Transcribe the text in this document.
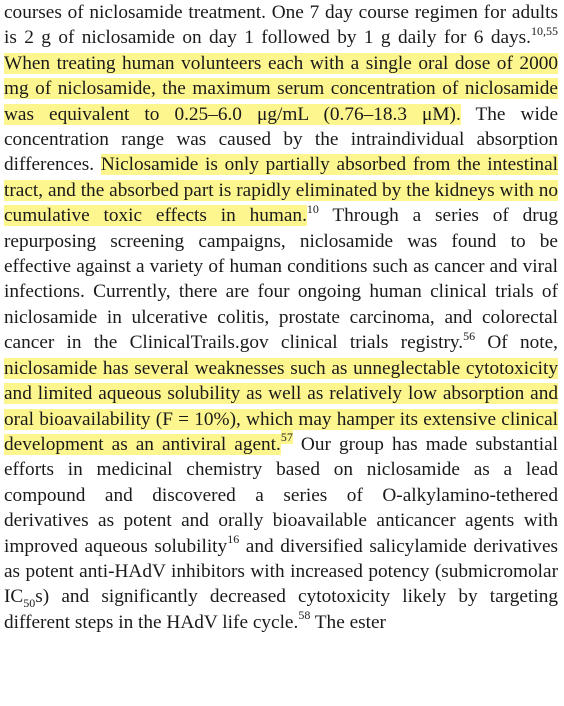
courses of niclosamide treatment. One 7 day course regimen for adults is 2 g of niclosamide on day 1 followed by 1 g daily for 6 days.$^{10,55}$ When treating human volunteers each with a single oral dose of 2000 mg of niclosamide, the maximum serum concentration of niclosamide was equivalent to 0.25–6.0 μg/mL (0.76–18.3 μM). The wide concentration range was caused by the intraindividual absorption differences. Niclosamide is only partially absorbed from the intestinal tract, and the absorbed part is rapidly eliminated by the kidneys with no cumulative toxic effects in human.$^{10}$ Through a series of drug repurposing screening campaigns, niclosamide was found to be effective against a variety of human conditions such as cancer and viral infections. Currently, there are four ongoing human clinical trials of niclosamide in ulcerative colitis, prostate carcinoma, and colorectal cancer in the ClinicalTrails.gov clinical trials registry.$^{56}$ Of note, niclosamide has several weaknesses such as unneglectable cytotoxicity and limited aqueous solubility as well as relatively low absorption and oral bioavailability (F = 10%), which may hamper its extensive clinical development as an antiviral agent.$^{57}$ Our group has made substantial efforts in medicinal chemistry based on niclosamide as a lead compound and discovered a series of O-alkylamino-tethered derivatives as potent and orally bioavailable anticancer agents with improved aqueous solubility$^{16}$ and diversified salicylamide derivatives as potent anti-HAdV inhibitors with increased potency (submicromolar $IC_{50}s$) and significantly decreased cytotoxicity likely by targeting different steps in the HAdV life cycle.$^{58}$ The ester
